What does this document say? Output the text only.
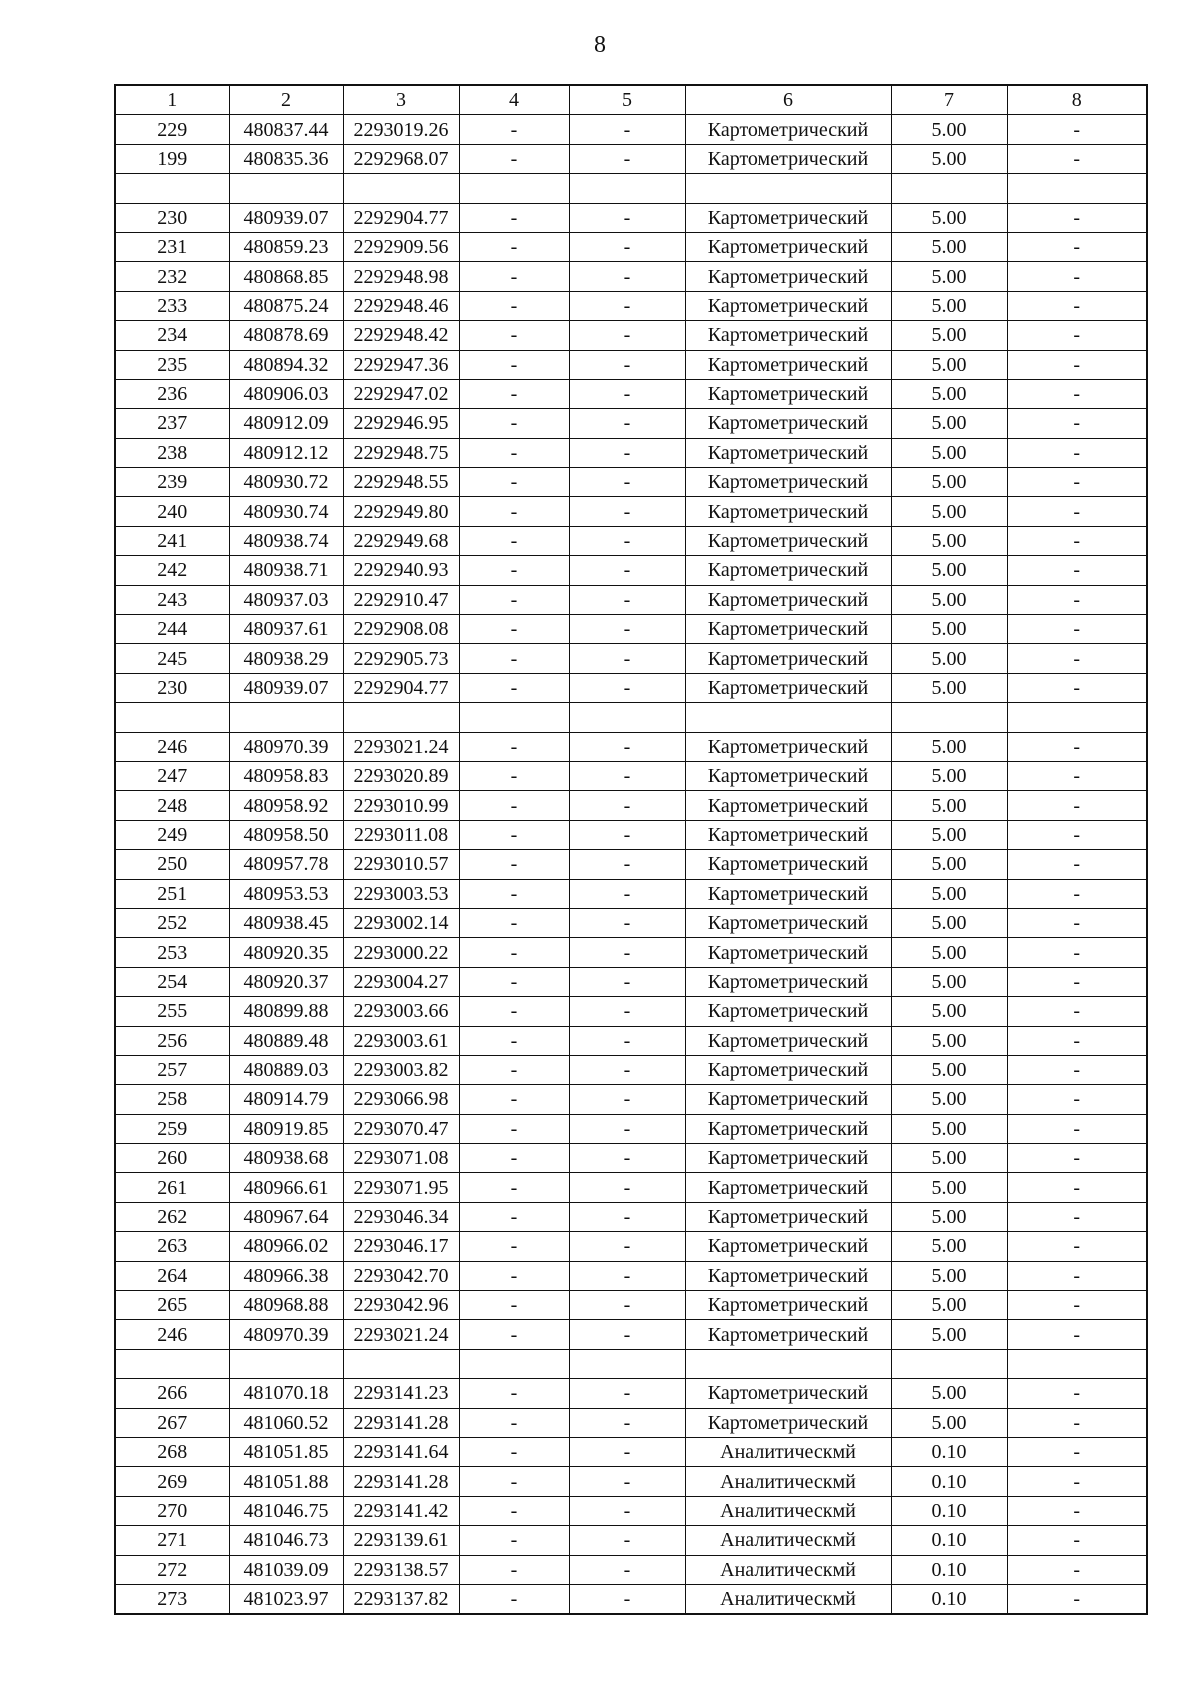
8
1	2	3	4	5	6	7	8
229	480837.44	2293019.26	-	-	Картометрический	5.00	-
199	480835.36	2292968.07	-	-	Картометрический	5.00	-

230	480939.07	2292904.77	-	-	Картометрический	5.00	-
231	480859.23	2292909.56	-	-	Картометрический	5.00	-
232	480868.85	2292948.98	-	-	Картометрический	5.00	-
233	480875.24	2292948.46	-	-	Картометрический	5.00	-
234	480878.69	2292948.42	-	-	Картометрический	5.00	-
235	480894.32	2292947.36	-	-	Картометрический	5.00	-
236	480906.03	2292947.02	-	-	Картометрический	5.00	-
237	480912.09	2292946.95	-	-	Картометрический	5.00	-
238	480912.12	2292948.75	-	-	Картометрический	5.00	-
239	480930.72	2292948.55	-	-	Картометрический	5.00	-
240	480930.74	2292949.80	-	-	Картометрический	5.00	-
241	480938.74	2292949.68	-	-	Картометрический	5.00	-
242	480938.71	2292940.93	-	-	Картометрический	5.00	-
243	480937.03	2292910.47	-	-	Картометрический	5.00	-
244	480937.61	2292908.08	-	-	Картометрический	5.00	-
245	480938.29	2292905.73	-	-	Картометрический	5.00	-
230	480939.07	2292904.77	-	-	Картометрический	5.00	-

246	480970.39	2293021.24	-	-	Картометрический	5.00	-
247	480958.83	2293020.89	-	-	Картометрический	5.00	-
248	480958.92	2293010.99	-	-	Картометрический	5.00	-
249	480958.50	2293011.08	-	-	Картометрический	5.00	-
250	480957.78	2293010.57	-	-	Картометрический	5.00	-
251	480953.53	2293003.53	-	-	Картометрический	5.00	-
252	480938.45	2293002.14	-	-	Картометрический	5.00	-
253	480920.35	2293000.22	-	-	Картометрический	5.00	-
254	480920.37	2293004.27	-	-	Картометрический	5.00	-
255	480899.88	2293003.66	-	-	Картометрический	5.00	-
256	480889.48	2293003.61	-	-	Картометрический	5.00	-
257	480889.03	2293003.82	-	-	Картометрический	5.00	-
258	480914.79	2293066.98	-	-	Картометрический	5.00	-
259	480919.85	2293070.47	-	-	Картометрический	5.00	-
260	480938.68	2293071.08	-	-	Картометрический	5.00	-
261	480966.61	2293071.95	-	-	Картометрический	5.00	-
262	480967.64	2293046.34	-	-	Картометрический	5.00	-
263	480966.02	2293046.17	-	-	Картометрический	5.00	-
264	480966.38	2293042.70	-	-	Картометрический	5.00	-
265	480968.88	2293042.96	-	-	Картометрический	5.00	-
246	480970.39	2293021.24	-	-	Картометрический	5.00	-

266	481070.18	2293141.23	-	-	Картометрический	5.00	-
267	481060.52	2293141.28	-	-	Картометрический	5.00	-
268	481051.85	2293141.64	-	-	Аналитическмй	0.10	-
269	481051.88	2293141.28	-	-	Аналитическмй	0.10	-
270	481046.75	2293141.42	-	-	Аналитическмй	0.10	-
271	481046.73	2293139.61	-	-	Аналитическмй	0.10	-
272	481039.09	2293138.57	-	-	Аналитическмй	0.10	-
273	481023.97	2293137.82	-	-	Аналитическмй	0.10	-
